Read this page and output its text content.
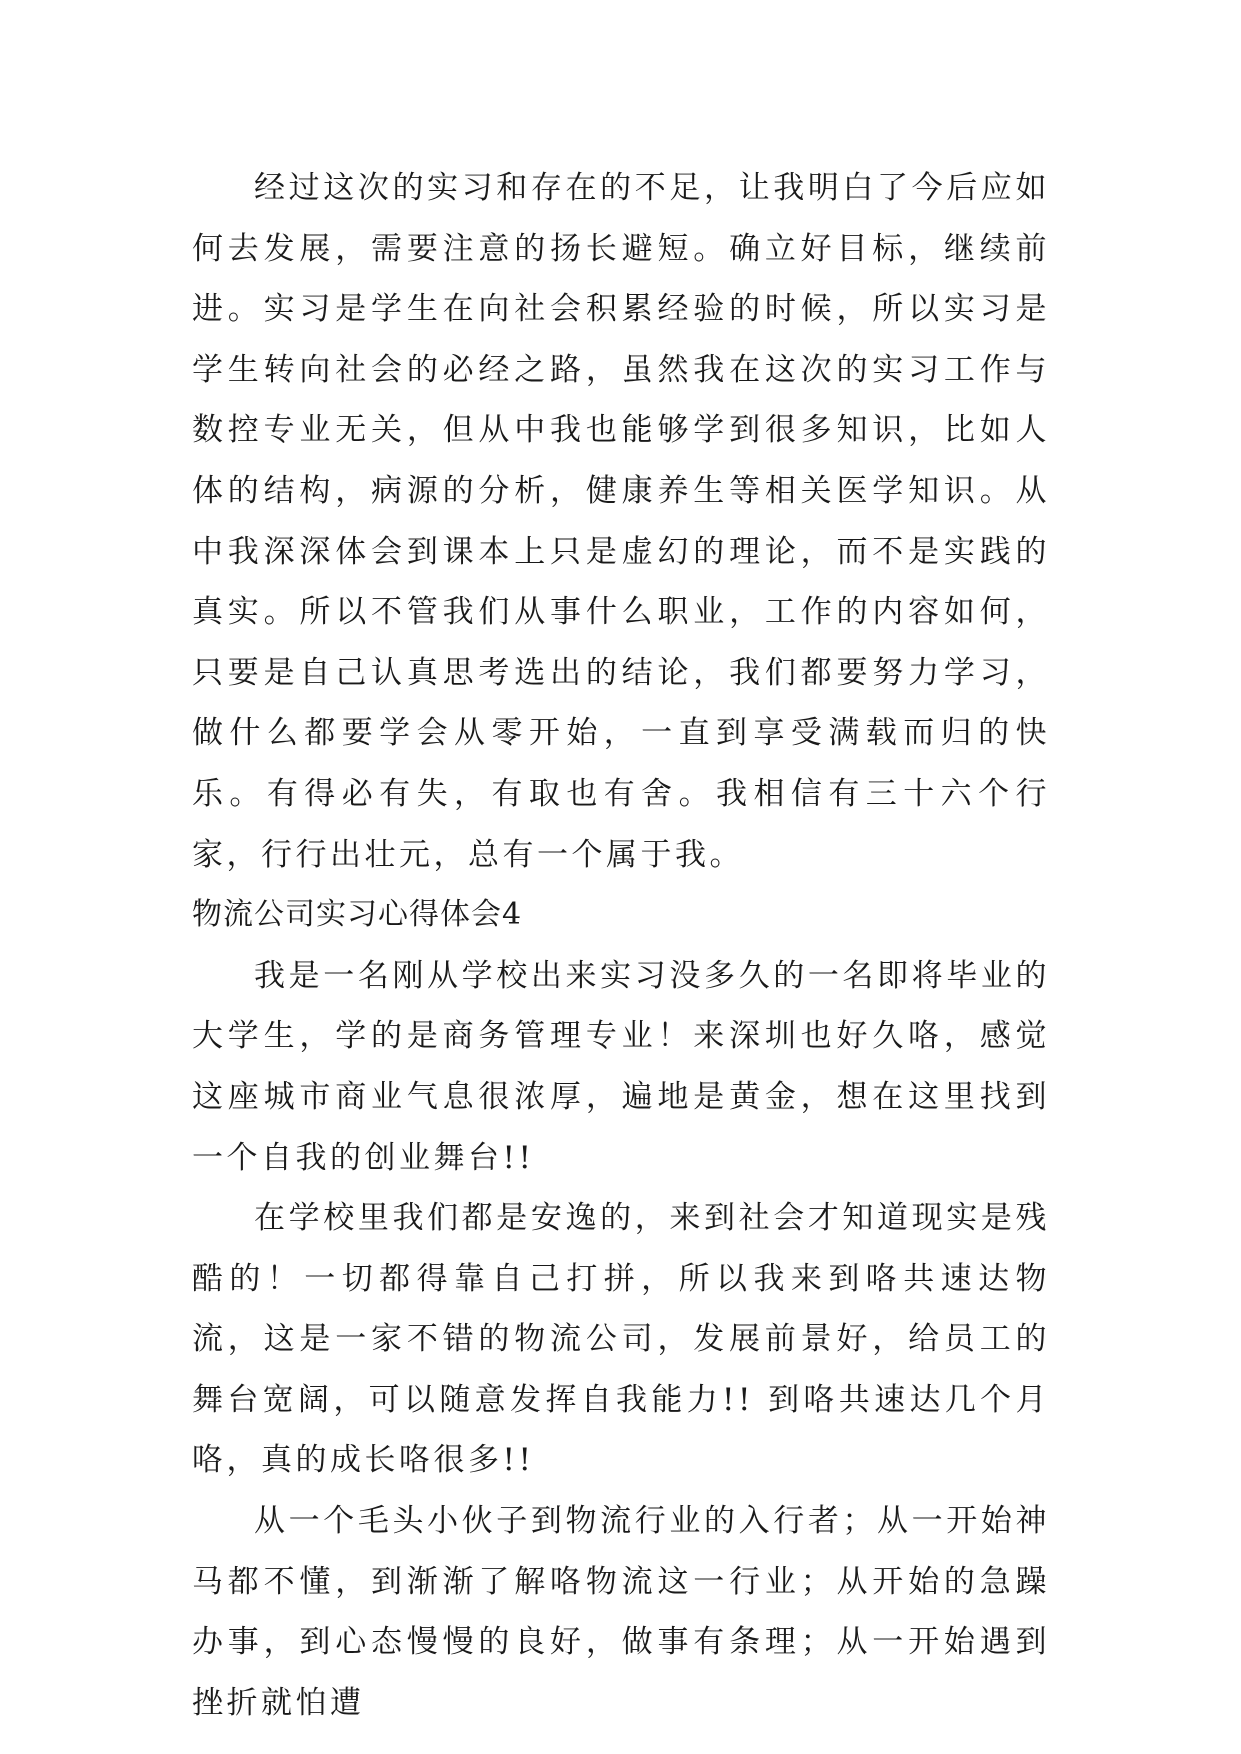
经过这次的实习和存在的不足，让我明白了今后应如何去发展，需要注意的扬长避短。确立好目标，继续前进。实习是学生在向社会积累经验的时候，所以实习是学生转向社会的必经之路，虽然我在这次的实习工作与数控专业无关，但从中我也能够学到很多知识，比如人体的结构，病源的分析，健康养生等相关医学知识。从中我深深体会到课本上只是虚幻的理论，而不是实践的真实。所以不管我们从事什么职业，工作的内容如何，只要是自己认真思考选出的结论，我们都要努力学习，做什么都要学会从零开始，一直到享受满载而归的快乐。有得必有失，有取也有舍。我相信有三十六个行家，行行出壮元，总有一个属于我。

物流公司实习心得体会4

我是一名刚从学校出来实习没多久的一名即将毕业的大学生，学的是商务管理专业！来深圳也好久咯，感觉这座城市商业气息很浓厚，遍地是黄金，想在这里找到一个自我的创业舞台!!

在学校里我们都是安逸的，来到社会才知道现实是残酷的！一切都得靠自己打拼，所以我来到咯共速达物流，这是一家不错的物流公司，发展前景好，给员工的舞台宽阔，可以随意发挥自我能力!! 到咯共速达几个月咯，真的成长咯很多!!

从一个毛头小伙子到物流行业的入行者；从一开始神马都不懂，到渐渐了解咯物流这一行业；从开始的急躁办事，到心态慢慢的良好，做事有条理；从一开始遇到挫折就怕遭
